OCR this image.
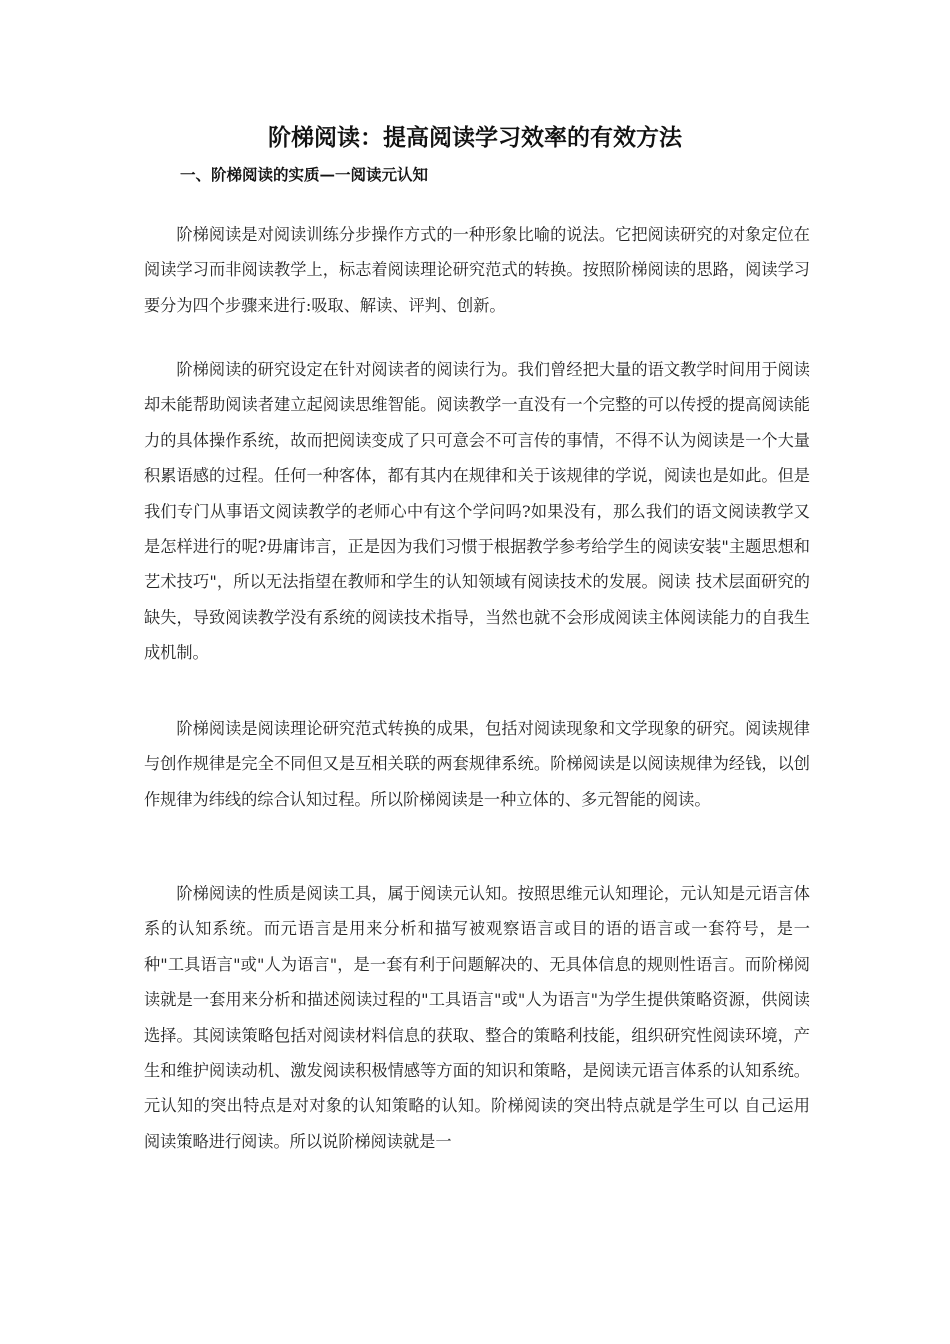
阶梯阅读：提高阅读学习效率的有效方法
一、阶梯阅读的实质—一阅读元认知

阶梯阅读是对阅读训练分步操作方式的一种形象比喻的说法。它把阅读研究的对象定位在阅读学习而非阅读教学上，标志着阅读理论研究范式的转换。按照阶梯阅读的思路，阅读学习要分为四个步骤来进行:吸取、解读、评判、创新。

阶梯阅读的研究设定在针对阅读者的阅读行为。我们曾经把大量的语文教学时间用于阅读却未能帮助阅读者建立起阅读思维智能。阅读教学一直没有一个完整的可以传授的提高阅读能力的具体操作系统，故而把阅读变成了只可意会不可言传的事情，不得不认为阅读是一个大量积累语感的过程。任何一种客体，都有其内在规律和关于该规律的学说，阅读也是如此。但是我们专门从事语文阅读教学的老师心中有这个学问吗?如果没有，那么我们的语文阅读教学又是怎样进行的呢?毋庸讳言，正是因为我们习惯于根据教学参考给学生的阅读安装"主题思想和艺术技巧"，所以无法指望在教师和学生的认知领域有阅读技术的发展。阅读 技术层面研究的缺失，导致阅读教学没有系统的阅读技术指导，当然也就不会形成阅读主体阅读能力的自我生成机制。

阶梯阅读是阅读理论研究范式转换的成果，包括对阅读现象和文学现象的研究。阅读规律与创作规律是完全不同但又是互相关联的两套规律系统。阶梯阅读是以阅读规律为经钱，以创作规律为纬线的综合认知过程。所以阶梯阅读是一种立体的、多元智能的阅读。

阶梯阅读的性质是阅读工具，属于阅读元认知。按照思维元认知理论，元认知是元语言体系的认知系统。而元语言是用来分析和描写被观察语言或目的语的语言或一套符号，是一种"工具语言"或"人为语言"，是一套有利于问题解决的、无具体信息的规则性语言。而阶梯阅读就是一套用来分析和描述阅读过程的"工具语言"或"人为语言"为学生提供策略资源，供阅读选择。其阅读策略包括对阅读材料信息的获取、整合的策略利技能，组织研究性阅读环境，产生和维护阅读动机、激发阅读积极情感等方面的知识和策略，是阅读元语言体系的认知系统。元认知的突出特点是对对象的认知策略的认知。阶梯阅读的突出特点就是学生可以 自己运用阅读策略进行阅读。所以说阶梯阅读就是一
